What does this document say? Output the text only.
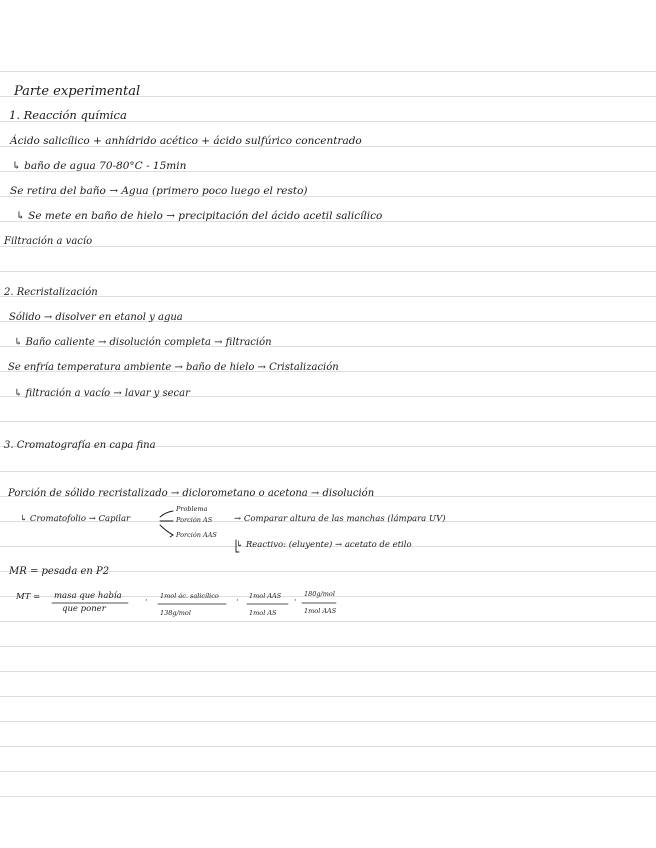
Parte experimental
1. Reacción química
Ácido salicílico + anhídrido acético + ácido sulfúrico concentrado
↳ baño de agua 70-80°C - 15min
Se retira del baño → Agua (primero poco luego el resto)
↳ Se mete en baño de hielo → precipitación del ácido acetil salicílico
Filtración a vacío
2. Recristalización
Sólido → disolver en etanol y agua
↳ Baño caliente → disolución completa → filtración
Se enfría temperatura ambiente → baño de hielo → Cristalización
↳ filtración a vacío → lavar y secar
3. Cromatografía en capa fina
Porción de sólido recristalizado → diclorometano o acetona → disolución
↳ Cromatofolio → Capilar
Problema
Porción AS	→ Comparar altura de las manchas (lámpara UV)
Porción AAS
↳ Reactivo: (eluyente) → acetato de etilo
MR = pesada en P2
MT = masa que había
que poner
· 1mol ác. salicílico
138g/mol
· 1mol AAS
1mol AS
·
180g/mol
1mol AAS
